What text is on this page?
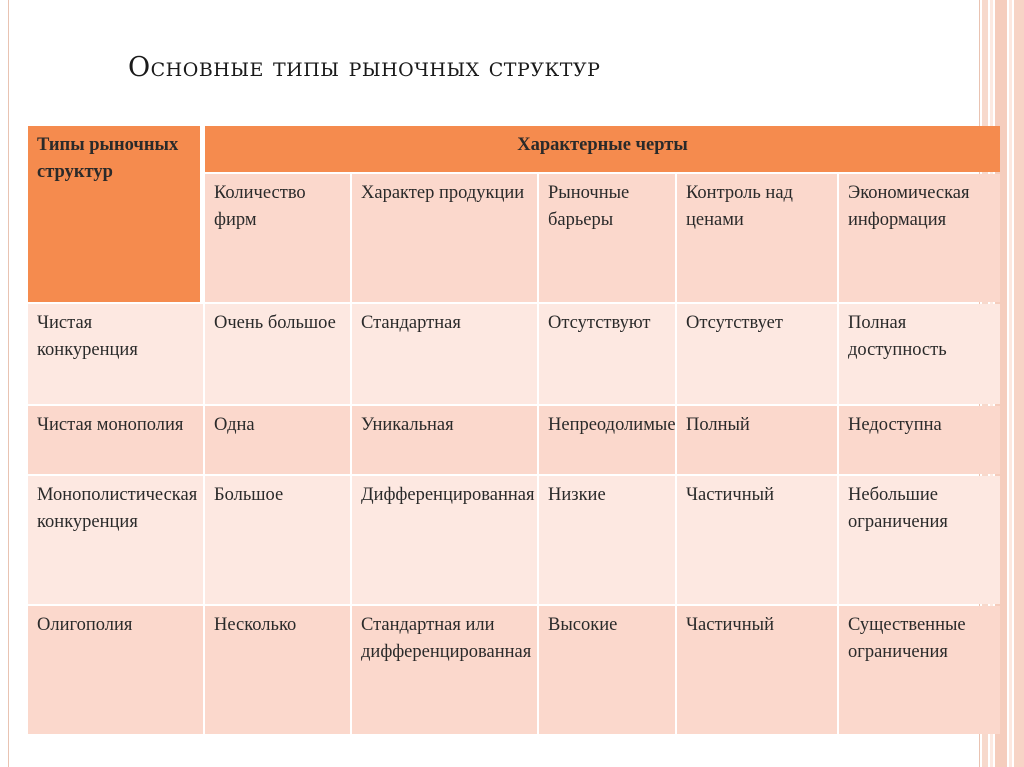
Основные типы рыночных структур
Типы рыночных структур	Характерные черты				
	Количество фирм	Характер продукции	Рыночные барьеры	Контроль над ценами	Экономическая информация
Чистая конкуренция	Очень большое	Стандартная	Отсутствуют	Отсутствует	Полная доступность
Чистая монополия	Одна	Уникальная	Непреодолимые	Полный	Недоступна
Монополистическая конкуренция	Большое	Дифференцированная	Низкие	Частичный	Небольшие ограничения
Олигополия	Несколько	Стандартная или дифференцированная	Высокие	Частичный	Существенные ограничения
